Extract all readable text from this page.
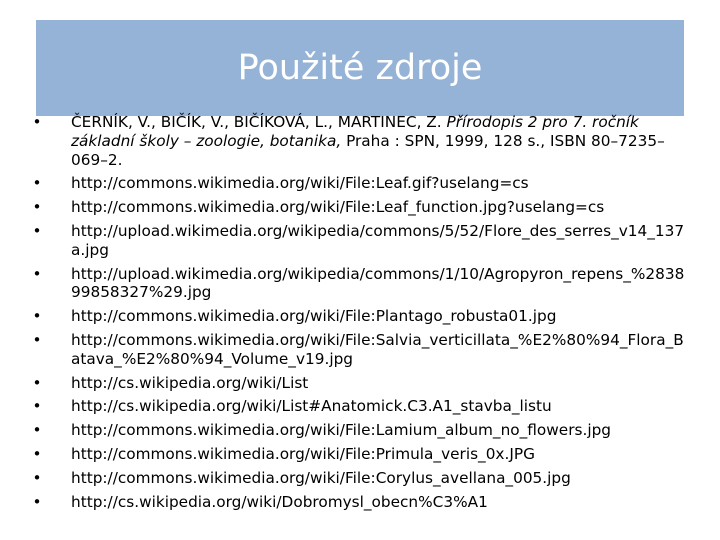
Použité zdroje
• ČERNÍK, V., BIČÍK, V., BIČÍKOVÁ, L., MARTINEC, Z. Přírodopis 2 pro 7. ročník základní školy – zoologie, botanika, Praha : SPN, 1999, 128 s., ISBN 80–7235–069–2.
• http://commons.wikimedia.org/wiki/File:Leaf.gif?uselang=cs
• http://commons.wikimedia.org/wiki/File:Leaf_function.jpg?uselang=cs
• http://upload.wikimedia.org/wikipedia/commons/5/52/Flore_des_serres_v14_137a.jpg
• http://upload.wikimedia.org/wikipedia/commons/1/10/Agropyron_repens_%283899858327%29.jpg
• http://commons.wikimedia.org/wiki/File:Plantago_robusta01.jpg
• http://commons.wikimedia.org/wiki/File:Salvia_verticillata_%E2%80%94_Flora_Batava_%E2%80%94_Volume_v19.jpg
• http://cs.wikipedia.org/wiki/List
• http://cs.wikipedia.org/wiki/List#Anatomick.C3.A1_stavba_listu
• http://commons.wikimedia.org/wiki/File:Lamium_album_no_flowers.jpg
• http://commons.wikimedia.org/wiki/File:Primula_veris_0x.JPG
• http://commons.wikimedia.org/wiki/File:Corylus_avellana_005.jpg
• http://cs.wikipedia.org/wiki/Dobromysl_obecn%C3%A1
